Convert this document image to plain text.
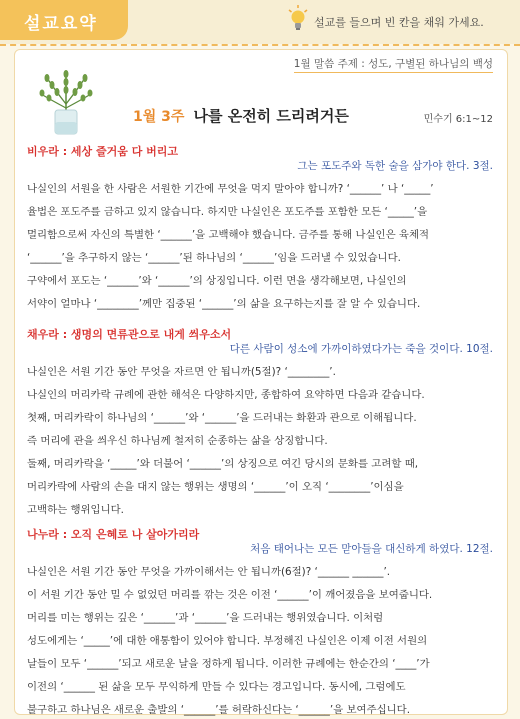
설교요약	설교를 들으며 빈 칸을 채워 가세요.
1월 말씀 주제 : 성도, 구별된 하나님의 백성
1월 3주 나를 온전히 드리려거든	민수기 6:1~12
비우라 : 세상 즐거움 다 버리고
그는 포도주와 독한 술을 삼가야 한다. 3절.
나실인의 서원을 한 사람은 서원한 기간에 무엇을 먹지 말아야 합니까? ‘______’ 나 ‘_____’
율법은 포도주를 금하고 있지 않습니다. 하지만 나실인은 포도주를 포함한 모든 ‘_____’을
멀리함으로써 자신의 특별한 ‘______’을 고백해야 했습니다. 금주를 통해 나실인은 육체적
‘______’을 추구하지 않는 ‘______’된 하나님의 ‘______’임을 드러낼 수 있었습니다.
구약에서 포도는 ‘______’와 ‘______’의 상징입니다. 이런 면을 생각해보면, 나실인의
서약이 얼마나 ‘________’께만 집중된 ‘______’의 삶을 요구하는지를 잘 알 수 있습니다.
채우라 : 생명의 면류관으로 내게 씌우소서
다른 사람이 성소에 가까이하였다가는 죽을 것이다. 10절.
나실인은 서원 기간 동안 무엇을 자르면 안 됩니까(5절)? ‘________’.
나실인의 머리카락 규례에 관한 해석은 다양하지만, 종합하여 요약하면 다음과 같습니다.
첫째, 머리카락이 하나님의 ‘______’와 ‘______’을 드러내는 화환과 관으로 이해됩니다.
즉 머리에 관을 씌우신 하나님께 철저히 순종하는 삶을 상징합니다.
둘째, 머리카락을 ‘_____’와 더불어 ‘______’의 상징으로 여긴 당시의 문화를 고려할 때,
머리카락에 사람의 손을 대지 않는 행위는 생명의 ‘______’이 오직 ‘________’이심을
고백하는 행위입니다.
나누라 : 오직 은혜로 나 살아가리라
처음 태어나는 모든 맏아들을 대신하게 하였다. 12절.
나실인은 서원 기간 동안 무엇을 가까이해서는 안 됩니까(6절)? ‘______ ______’.
이 서원 기간 동안 밀 수 없었던 머리를 깎는 것은 이전 ‘______’이 깨어졌음을 보여줍니다.
머리를 미는 행위는 깊은 ‘______’과 ‘______’을 드러내는 행위였습니다. 이처럼
성도에게는 ‘_____’에 대한 애통함이 있어야 합니다. 부정해진 나실인은 이제 이전 서원의
날들이 모두 ‘______’되고 새로운 날을 정하게 됩니다. 이러한 규례에는 한순간의 ‘____’가
이전의 ‘______ 된 삶을 모두 무익하게 만들 수 있다는 경고입니다. 동시에, 그럼에도
불구하고 하나님은 새로운 출발의 ‘______’를 허락하신다는 ‘______’을 보여주십니다.
